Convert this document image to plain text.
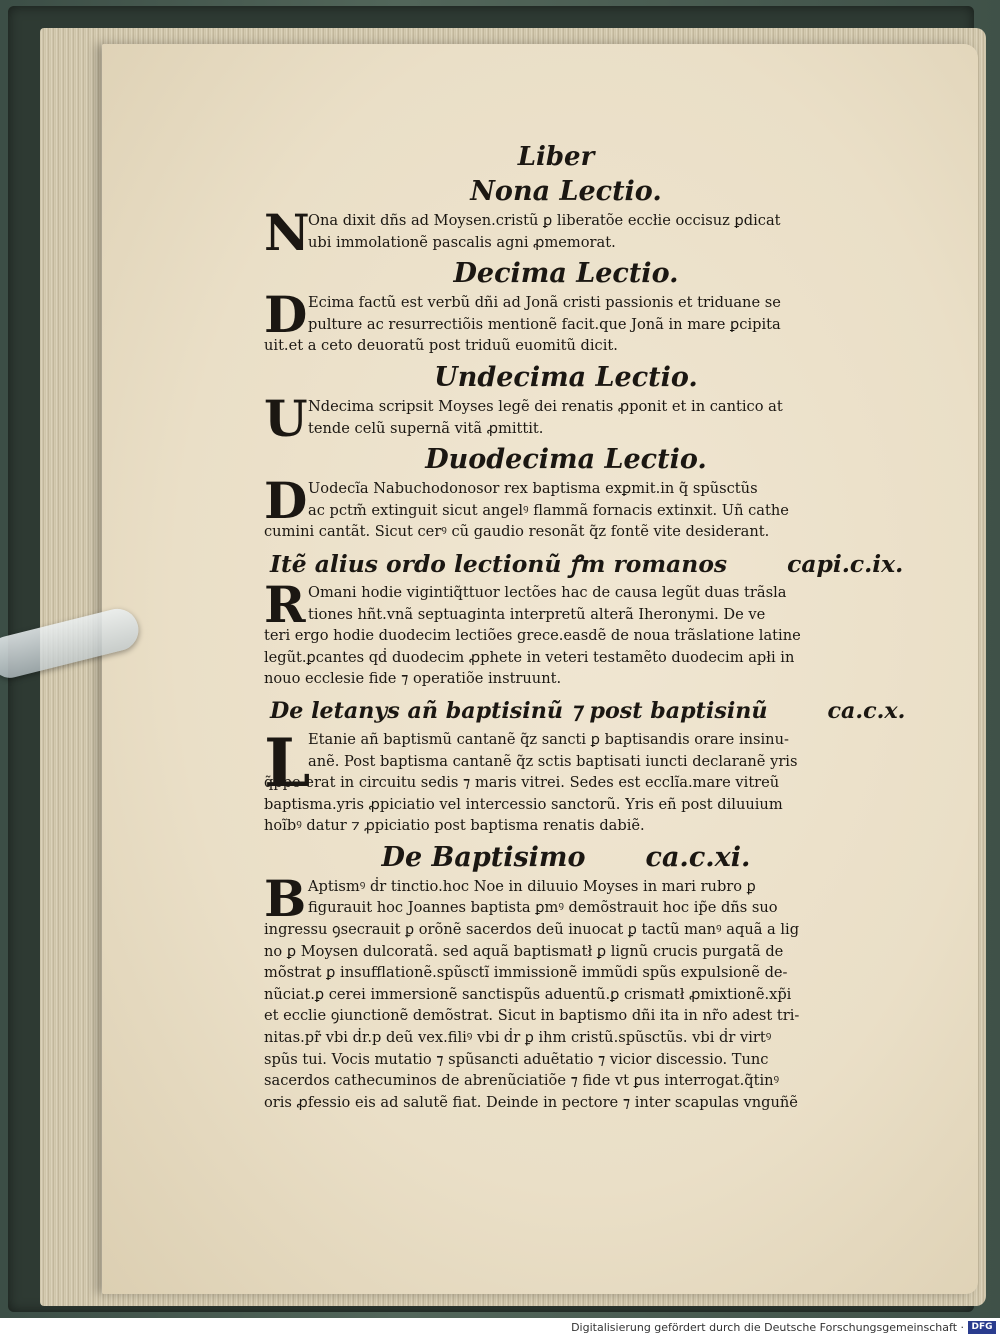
Liber
Nona Lectio.
N
Ona dixit dñs ad Moysen.cristũ ꝑ liberatõe eccłie occisuz ꝑdicat
ubi immolationẽ pascalis agni ꝓmemorat.
Decima Lectio.
D Ecima factũ est verbũ dñi ad Jonã cristi passionis et triduane se
pulture ac resurrectiõis mentionẽ facit.que Jonã in mare ꝑcipita
uit.et a ceto deuoratũ post triduũ euomitũ dicit.
Undecima Lectio.
U Ndecima scripsit Moyses legẽ dei renatis ꝓponit et in cantico at
tende celũ supernã vitã ꝓmittit.
Duodecima Lectio.
D Uodecĩa Nabuchodonosor rex baptisma exꝑmit.in q̃ spũsctũs
ac pctm̃ extinguit sicut angelꝰ flammã fornacis extinxit. Uñ cathe
cumini cantãt. Sicut cerꝰ cũ gaudio resonãt q̃z fontẽ vite desiderant.
Itẽ alius ordo lectionũ ꝭm romanos	capi.c.ix.
R Omani hodie vigintiq̃ttuor lectões hac de causa legũt duas trãsla
tiones hñt.vnã septuaginta interpretũ alterã Iheronymi. De ve
teri ergo hodie duodecim lectiões grece.easdẽ de noua trãslatione latine
legũt.ꝑcantes qḋ duodecim ꝓphete in veteri testamẽto duodecim apłi in
nouo ecclesie fide ⁊ operatiõe instruunt.
De letanys añ baptisinũ ⁊ post baptisinũ	ca.c.x.
L
Etanie añ baptismũ cantanẽ q̃z sancti ꝑ baptisandis orare insinu-
anẽ. Post baptisma cantanẽ q̃z sctis baptisati iuncti declaranẽ yris
q̃ppe erat in circuitu sedis ⁊ maris vitrei. Sedes est ecclĩa.mare vitreũ
baptisma.yris ꝓpiciatio vel intercessio sanctorũ. Yris eñ post diluuium
hoĩbꝰ datur ⁊ ꝓpiciatio post baptisma renatis dabiẽ.
De Baptisimo ca.c.xi.
B Aptismꝰ ḋr tinctio.hoc Noe in diluuio Moyses in mari rubro ꝑ
figurauit hoc Joannes baptista ꝑmꝰ demõstrauit hoc ip̃e dñs suo
ingressu ꝯsecrauit ꝑ orõnẽ sacerdos deũ inuocat ꝑ tactũ manꝰ aquã a lig
no ꝑ Moysen dulcoratã. sed aquã baptismatł ꝑ lignũ crucis purgatã de
mõstrat ꝑ insufflationẽ.spũsctĩ immissionẽ immũdi spũs expulsionẽ de-
nũciat.ꝑ cerei immersionẽ sanctispũs aduentũ.ꝑ crismatł ꝓmixtionẽ.xp̃i
et ecclie ꝯiunctionẽ demõstrat. Sicut in baptismo dñi ita in nr̃o adest tri-
nitas.pr̃ vbi ḋr.p deũ vex.filiꝰ vbi ḋr ꝑ ihm cristũ.spũsctũs. vbi ḋr virtꝰ
spũs tui. Vocis mutatio ⁊ spũsancti aduẽtatio ⁊ vicior discessio. Tunc
sacerdos cathecuminos de abrenũciatiõe ⁊ fide vt ꝑus interrogat.q̃tinꝰ
oris ꝓfessio eis ad salutẽ fiat. Deinde in pectore ⁊ inter scapulas vnguñẽ
Digitalisierung gefördert durch die Deutsche Forschungsgemeinschaft · DFG
